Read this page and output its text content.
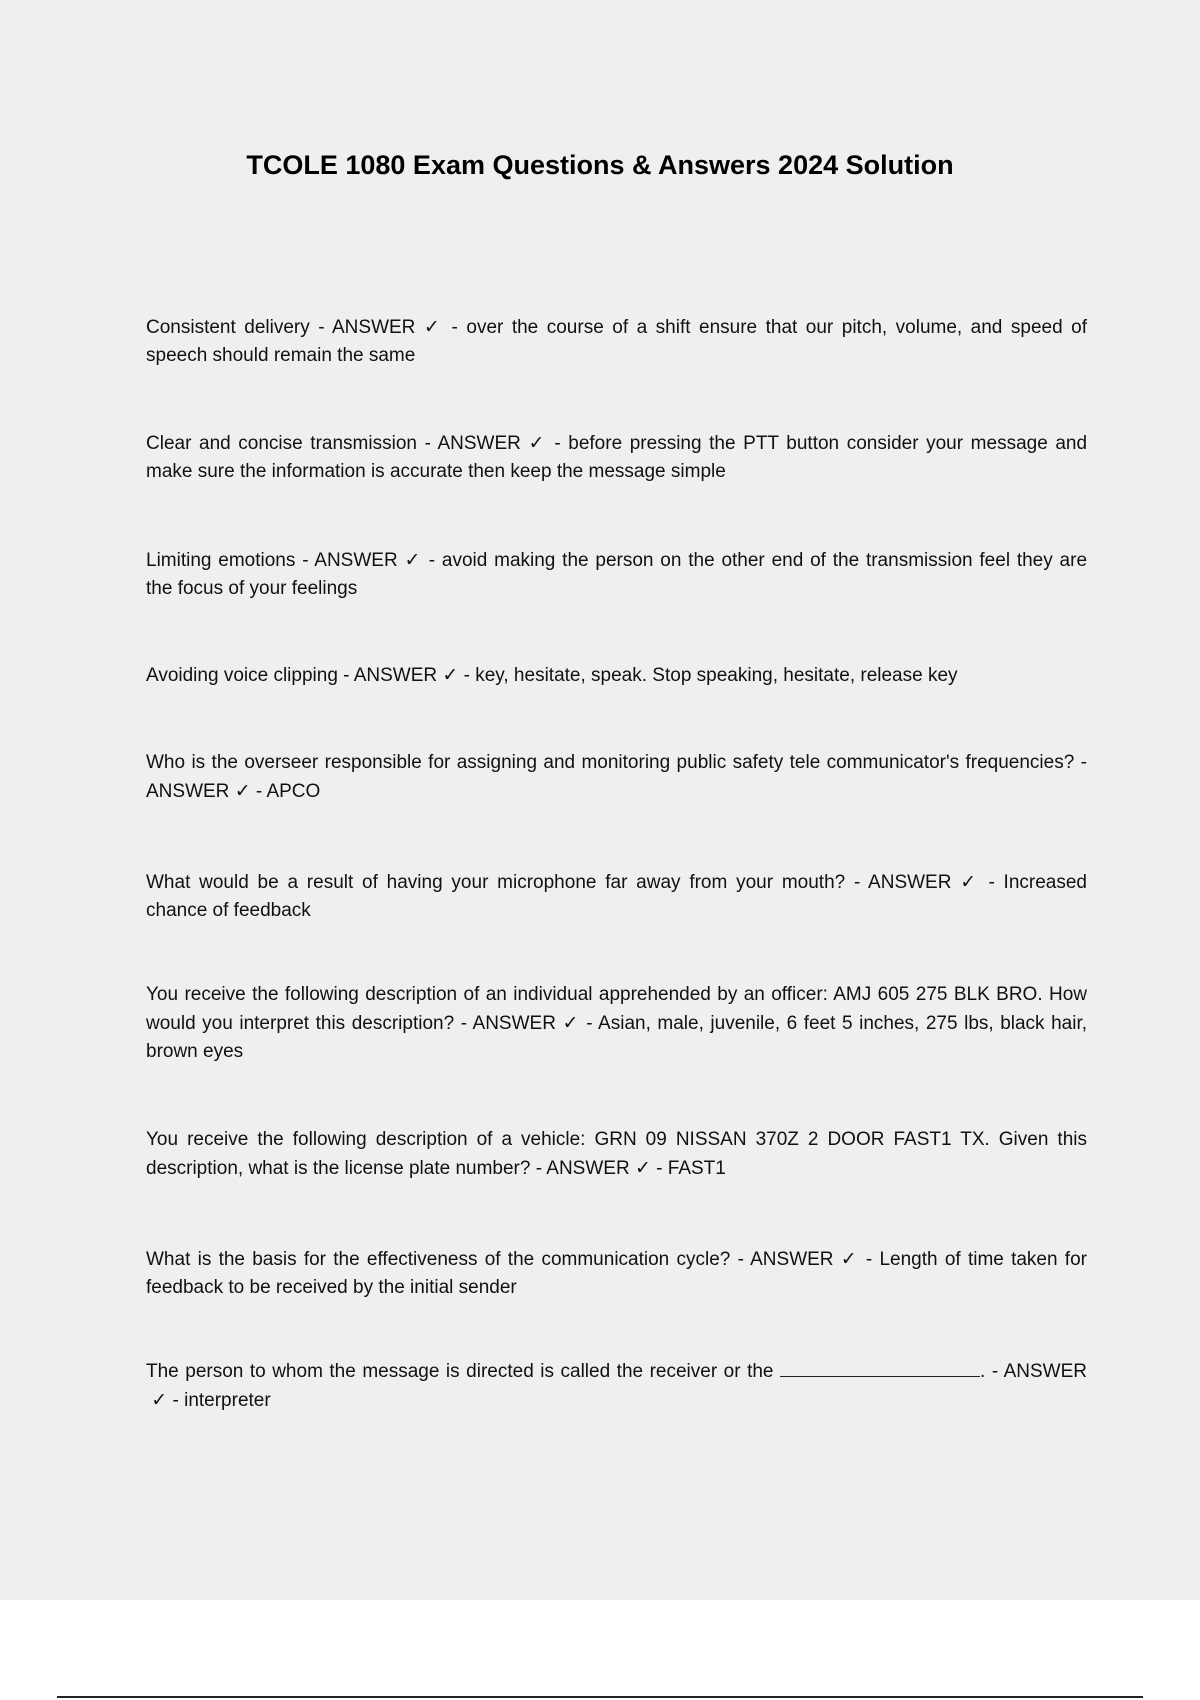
TCOLE 1080 Exam Questions & Answers 2024 Solution

Consistent delivery - ANSWER ✓ - over the course of a shift ensure that our pitch, volume, and speed of speech should remain the same

Clear and concise transmission - ANSWER ✓ - before pressing the PTT button consider your message and make sure the information is accurate then keep the message simple

Limiting emotions - ANSWER ✓ - avoid making the person on the other end of the transmission feel they are the focus of your feelings

Avoiding voice clipping - ANSWER ✓ - key, hesitate, speak. Stop speaking, hesitate, release key

Who is the overseer responsible for assigning and monitoring public safety tele communicator's frequencies? - ANSWER ✓ - APCO

What would be a result of having your microphone far away from your mouth? - ANSWER ✓ - Increased chance of feedback

You receive the following description of an individual apprehended by an officer: AMJ 605 275 BLK BRO. How would you interpret this description? - ANSWER ✓ - Asian, male, juvenile, 6 feet 5 inches, 275 lbs, black hair, brown eyes

You receive the following description of a vehicle: GRN 09 NISSAN 370Z 2 DOOR FAST1 TX. Given this description, what is the license plate number? - ANSWER ✓ - FAST1

What is the basis for the effectiveness of the communication cycle? - ANSWER ✓ - Length of time taken for feedback to be received by the initial sender

The person to whom the message is directed is called the receiver or the	. - ANSWER ✓ - interpreter
